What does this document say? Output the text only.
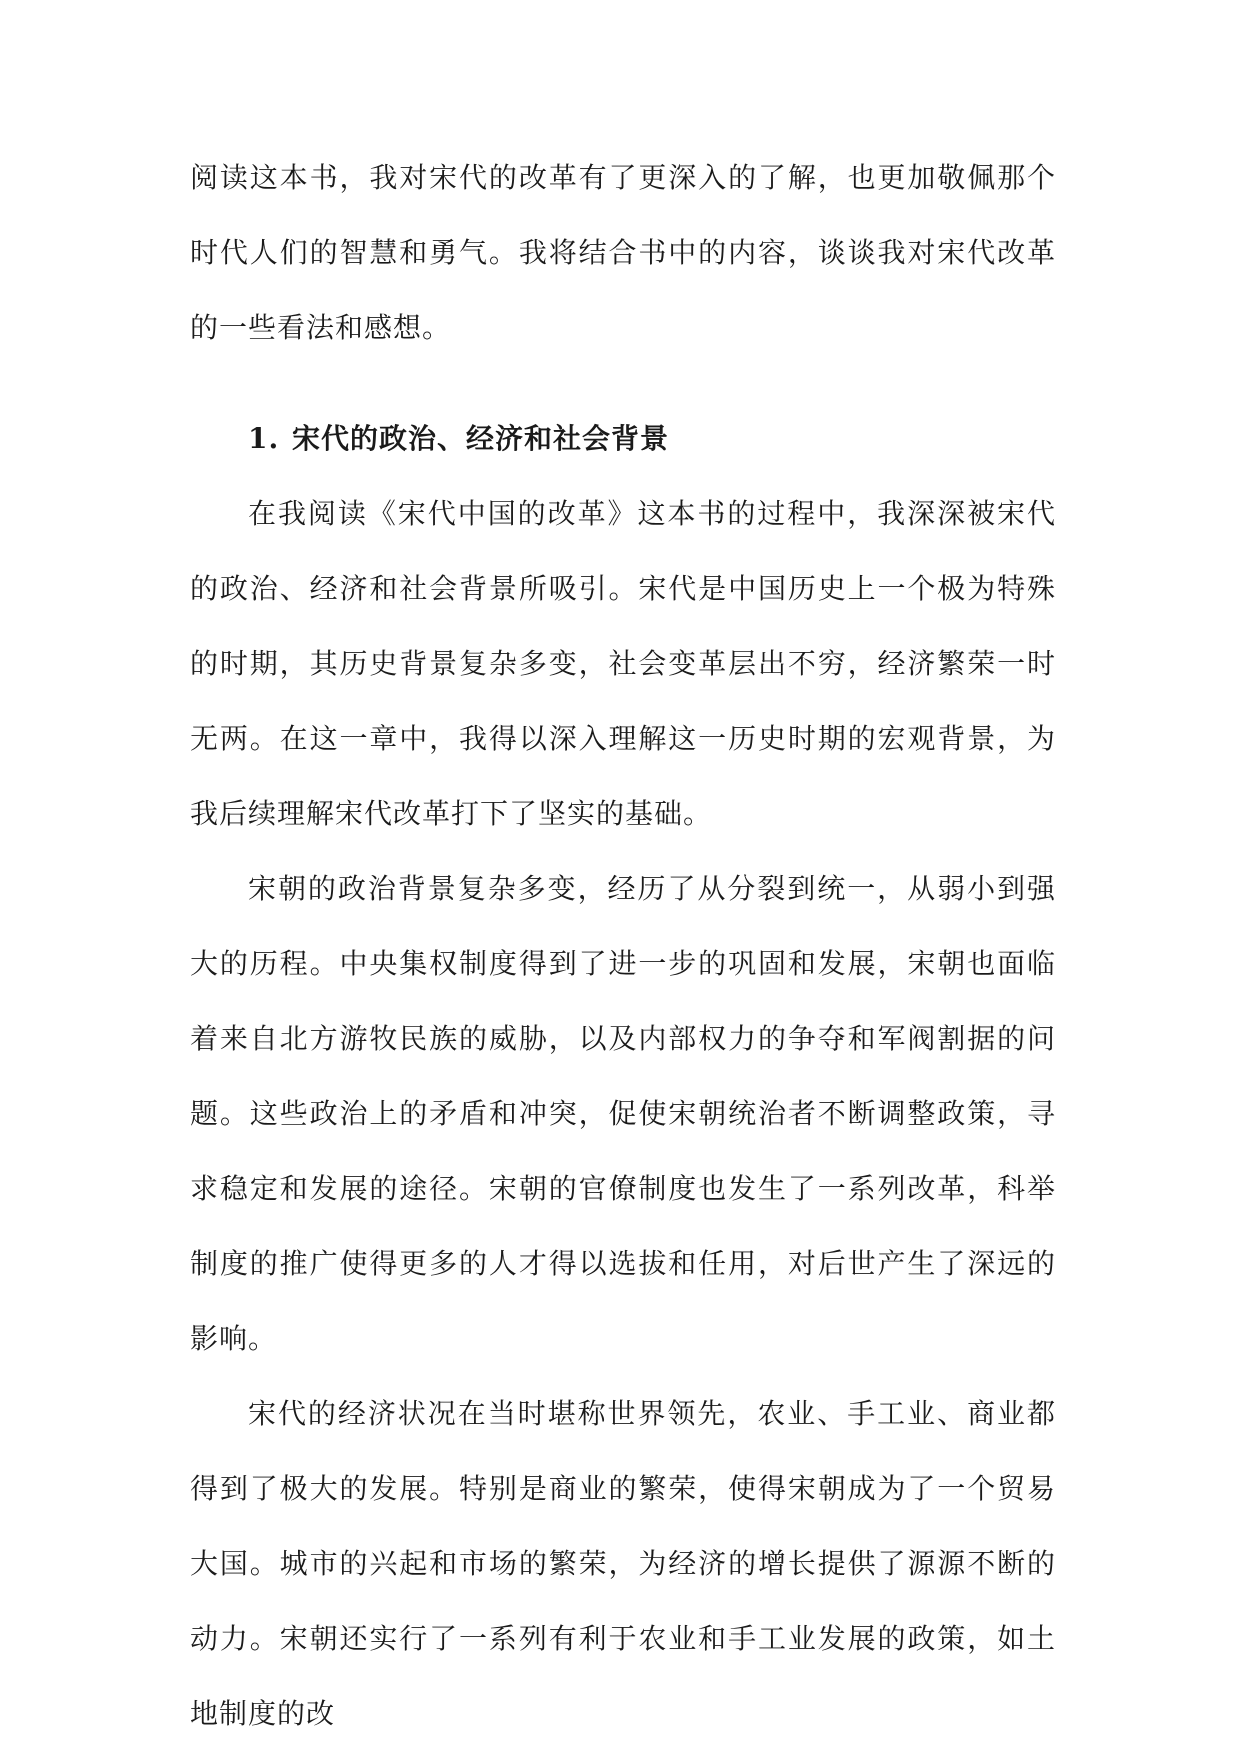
阅读这本书，我对宋代的改革有了更深入的了解，也更加敬佩那个时代人们的智慧和勇气。我将结合书中的内容，谈谈我对宋代改革的一些看法和感想。

1. 宋代的政治、经济和社会背景

在我阅读《宋代中国的改革》这本书的过程中，我深深被宋代的政治、经济和社会背景所吸引。宋代是中国历史上一个极为特殊的时期，其历史背景复杂多变，社会变革层出不穷，经济繁荣一时无两。在这一章中，我得以深入理解这一历史时期的宏观背景，为我后续理解宋代改革打下了坚实的基础。

宋朝的政治背景复杂多变，经历了从分裂到统一，从弱小到强大的历程。中央集权制度得到了进一步的巩固和发展，宋朝也面临着来自北方游牧民族的威胁，以及内部权力的争夺和军阀割据的问题。这些政治上的矛盾和冲突，促使宋朝统治者不断调整政策，寻求稳定和发展的途径。宋朝的官僚制度也发生了一系列改革，科举制度的推广使得更多的人才得以选拔和任用，对后世产生了深远的影响。

宋代的经济状况在当时堪称世界领先，农业、手工业、商业都得到了极大的发展。特别是商业的繁荣，使得宋朝成为了一个贸易大国。城市的兴起和市场的繁荣，为经济的增长提供了源源不断的动力。宋朝还实行了一系列有利于农业和手工业发展的政策，如土地制度的改
